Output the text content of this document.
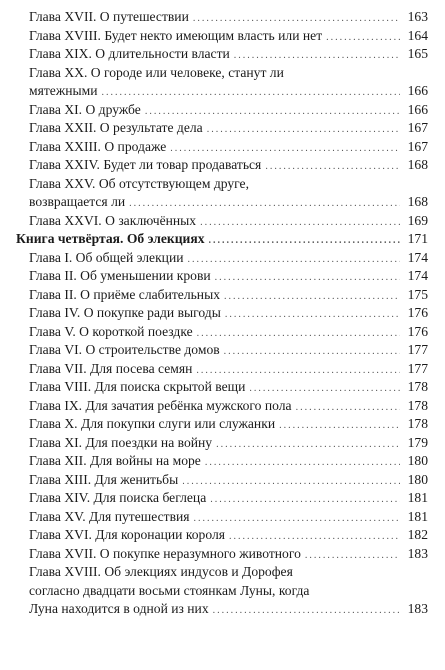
Глава XVII. О путешествии .....	163
Глава XVIII. Будет некто имеющим власть или нет .....	164
Глава XIX. О длительности власти .....	165
Глава XX. О городе или человеке, станут ли
мятежными .....	166
Глава XI. О дружбе .....	166
Глава XXII. О результате дела .....	167
Глава XXIII. О продаже .....	167
Глава XXIV. Будет ли товар продаваться .....	168
Глава XXV. Об отсутствующем друге,
возвращается ли .....	168
Глава XXVI. О заключённых .....	169
Книга четвёртая. Об элекциях .....	171
Глава I. Об общей элекции .....	174
Глава II. Об уменьшении крови .....	174
Глава II. О приёме слабительных .....	175
Глава IV. О покупке ради выгоды .....	176
Глава V. О короткой поездке .....	176
Глава VI. О строительстве домов .....	177
Глава VII. Для посева семян .....	177
Глава VIII. Для поиска скрытой вещи .....	178
Глава IX. Для зачатия ребёнка мужского пола .....	178
Глава X. Для покупки слуги или служанки .....	178
Глава XI. Для поездки на войну .....	179
Глава XII. Для войны на море .....	180
Глава XIII. Для женитьбы .....	180
Глава XIV. Для поиска беглеца .....	181
Глава XV. Для путешествия .....	181
Глава XVI. Для коронации короля .....	182
Глава XVII. О покупке неразумного животного .....	183
Глава XVIII. Об элекциях индусов и Дорофея
согласно двадцати восьми стоянкам Луны, когда
Луна находится в одной из них .....	183
